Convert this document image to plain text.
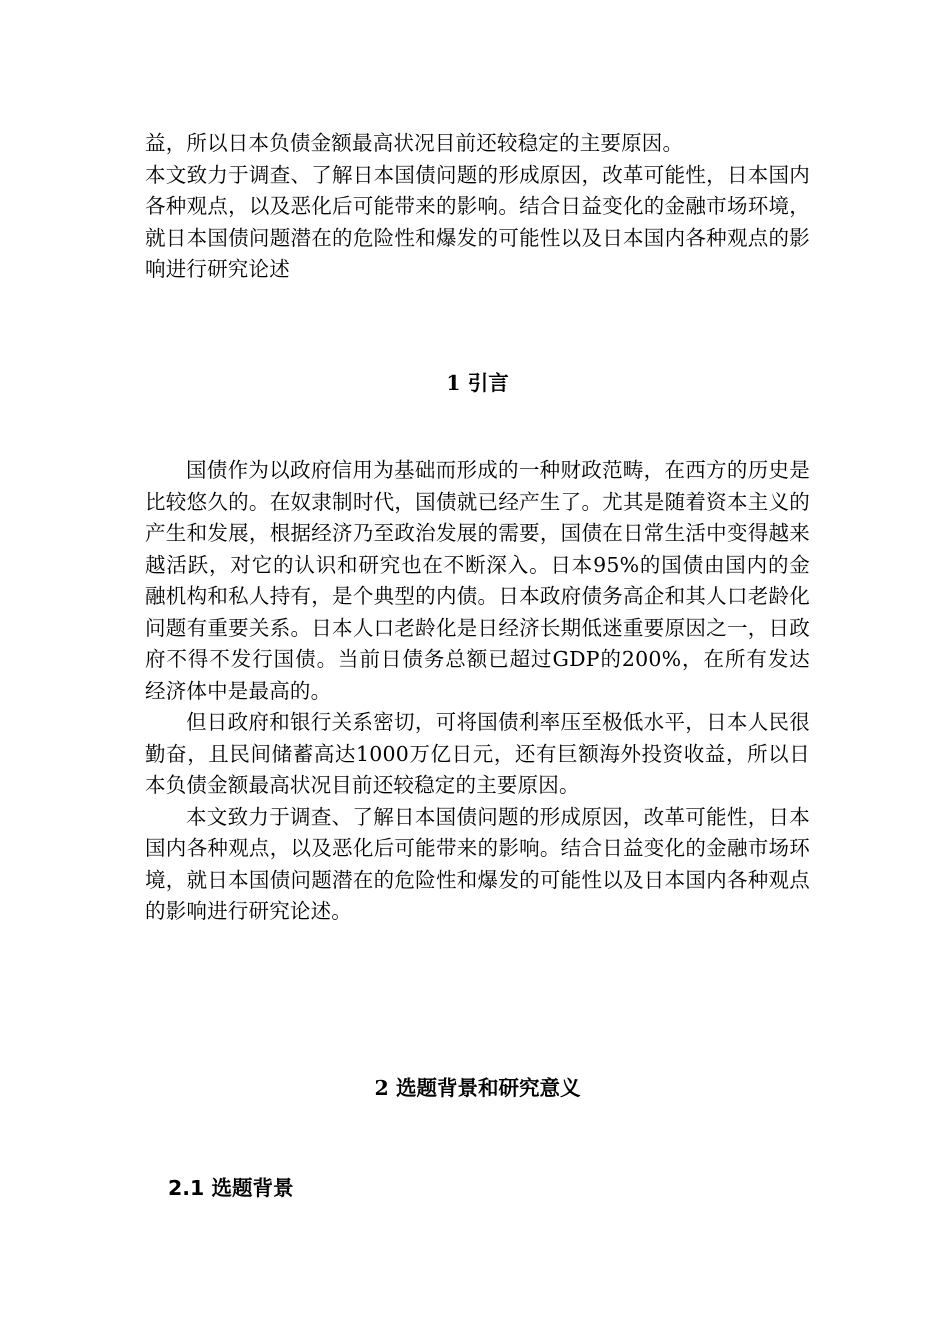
益，所以日本负债金额最高状况目前还较稳定的主要原因。

本文致力于调查、了解日本国债问题的形成原因，改革可能性，日本国内各种观点，以及恶化后可能带来的影响。结合日益变化的金融市场环境，就日本国债问题潜在的危险性和爆发的可能性以及日本国内各种观点的影响进行研究论述

1 引言

国债作为以政府信用为基础而形成的一种财政范畴，在西方的历史是比较悠久的。在奴隶制时代，国债就已经产生了。尤其是随着资本主义的产生和发展，根据经济乃至政治发展的需要，国债在日常生活中变得越来越活跃，对它的认识和研究也在不断深入。日本95%的国债由国内的金融机构和私人持有，是个典型的内债。日本政府债务高企和其人口老龄化问题有重要关系。日本人口老龄化是日经济长期低迷重要原因之一，日政府不得不发行国债。当前日债务总额已超过GDP的200%，在所有发达经济体中是最高的。

但日政府和银行关系密切，可将国债利率压至极低水平，日本人民很勤奋，且民间储蓄高达1000万亿日元，还有巨额海外投资收益，所以日本负债金额最高状况目前还较稳定的主要原因。

本文致力于调查、了解日本国债问题的形成原因，改革可能性，日本国内各种观点，以及恶化后可能带来的影响。结合日益变化的金融市场环境，就日本国债问题潜在的危险性和爆发的可能性以及日本国内各种观点的影响进行研究论述。

2 选题背景和研究意义
2.1 选题背景
